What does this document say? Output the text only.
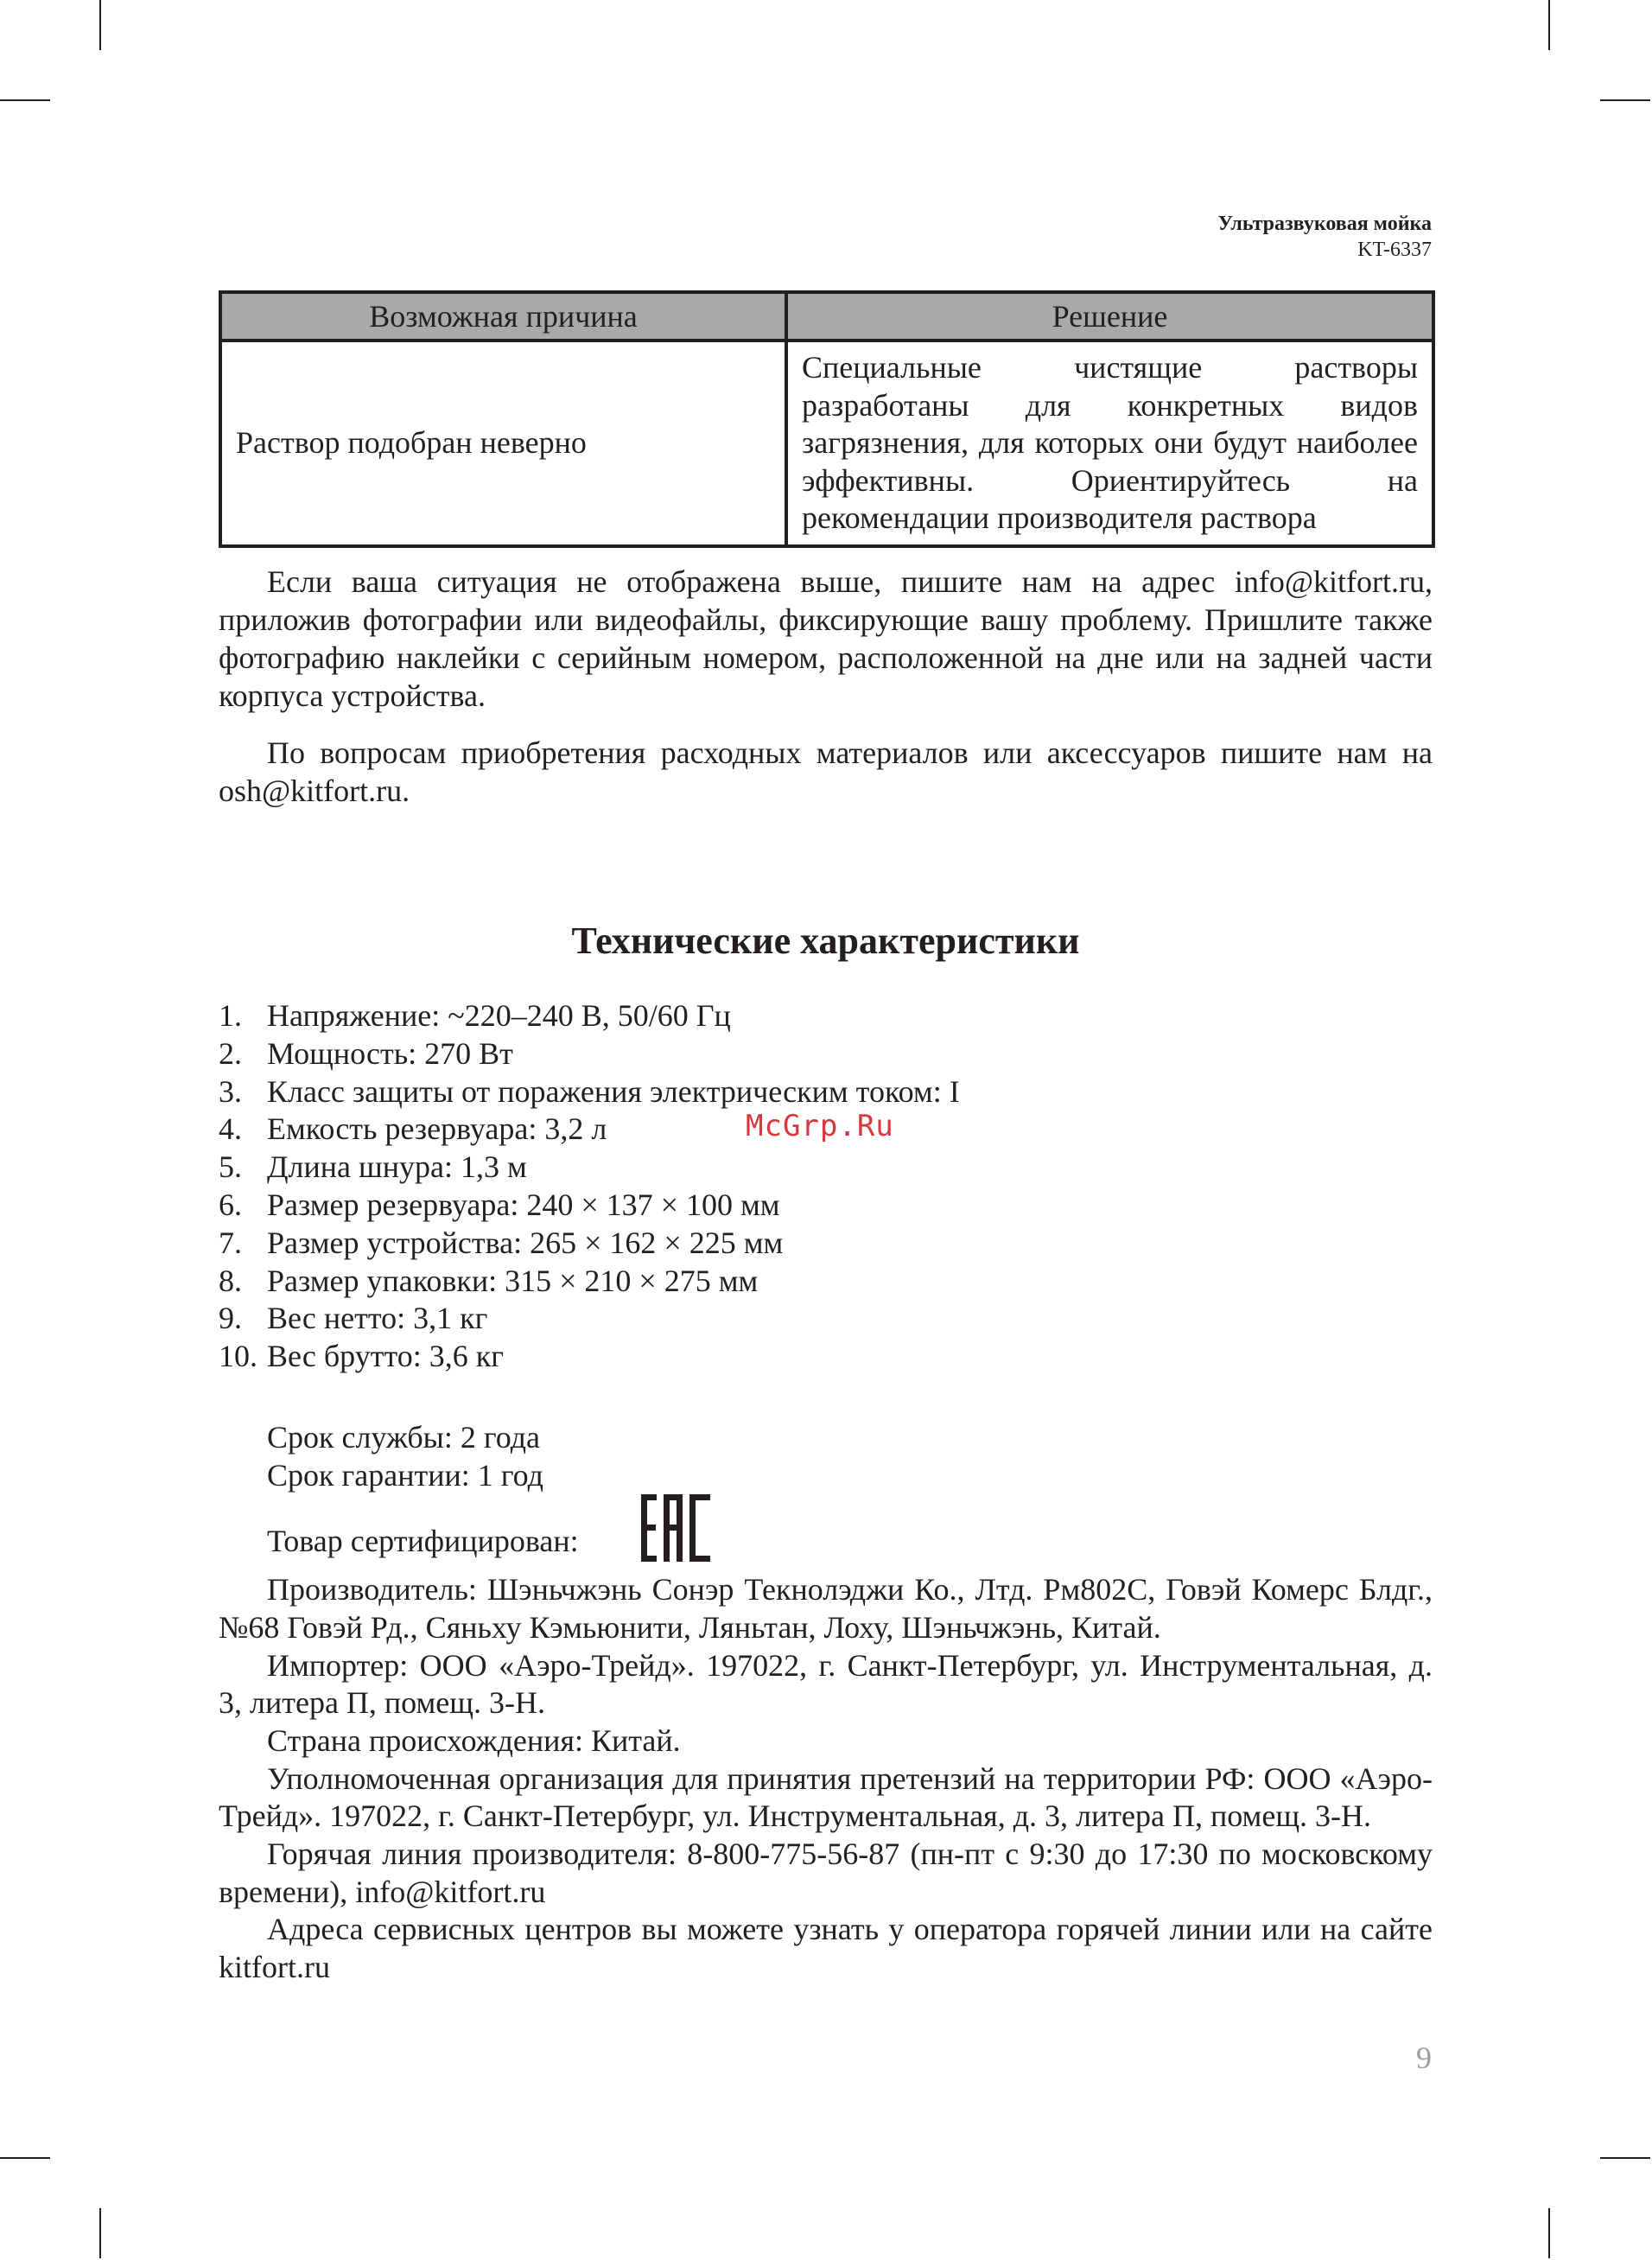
Ультразвуковая мойка
KT-6337
Возможная причина	Решение
Раствор подобран неверно	Специальные чистящие растворы разработаны для конкретных видов загрязнения, для которых они будут наиболее эффективны. Ориентируйтесь на рекомендации производителя раствора

Если ваша ситуация не отображена выше, пишите нам на адрес info@kitfort.ru, приложив фотографии или видеофайлы, фиксирующие вашу проблему. Пришлите также фотографию наклейки с серийным номером, расположенной на дне или на задней части корпуса устройства.

По вопросам приобретения расходных материалов или аксессуаров пишите нам на osh@kitfort.ru.

Технические характеристики
1. Напряжение: ~220–240 В, 50/60 Гц
2. Мощность: 270 Вт
3. Класс защиты от поражения электрическим током: I
4. Емкость резервуара: 3,2 л
5. Длина шнура: 1,3 м
6. Размер резервуара: 240 × 137 × 100 мм
7. Размер устройства: 265 × 162 × 225 мм
8. Размер упаковки: 315 × 210 × 275 мм
9. Вес нетто: 3,1 кг
10. Вес брутто: 3,6 кг
McGrp.Ru
Срок службы: 2 года
Срок гарантии: 1 год
Товар сертифицирован:
Производитель: Шэньчжэнь Сонэр Текнолэджи Ко., Лтд. Рм802С, Говэй Комерс Блдг., №68 Говэй Рд., Сяньху Кэмьюнити, Ляньтан, Лоху, Шэньчжэнь, Китай.
Импортер: ООО «Аэро-Трейд». 197022, г. Санкт-Петербург, ул. Инструментальная, д. 3, литера П, помещ. 3-Н.
Страна происхождения: Китай.
Уполномоченная организация для принятия претензий на территории РФ: ООО «Аэро-Трейд». 197022, г. Санкт-Петербург, ул. Инструментальная, д. 3, литера П, помещ. 3-Н.
Горячая линия производителя: 8-800-775-56-87 (пн-пт с 9:30 до 17:30 по московскому времени), info@kitfort.ru
Адреса сервисных центров вы можете узнать у оператора горячей линии или на сайте kitfort.ru
9
